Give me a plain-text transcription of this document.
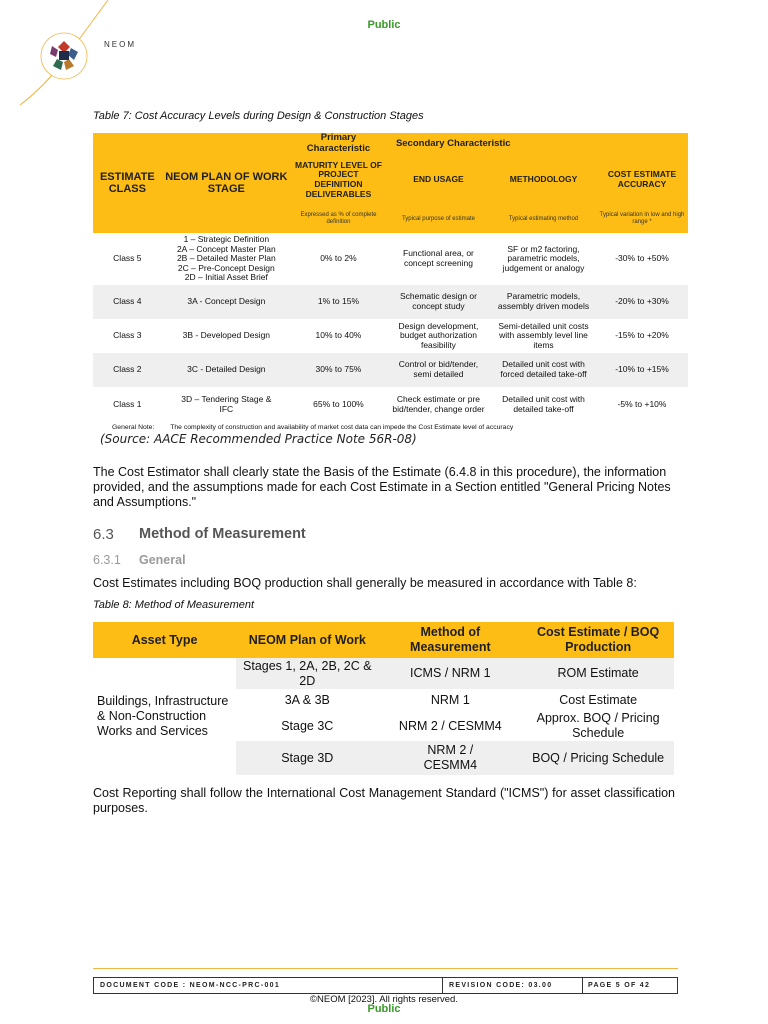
Public
NEOM
Table 7: Cost Accuracy Levels during Design & Construction Stages
ESTIMATE CLASS	NEOM PLAN OF WORK STAGE	Primary Characteristic	Secondary Characteristic		
		MATURITY LEVEL OF PROJECT DEFINITION DELIVERABLES	END USAGE	METHODOLOGY	COST ESTIMATE ACCURACY
		Expressed as % of complete definition	Typical purpose of estimate	Typical estimating method	Typical variation in low and high range *
Class 5	1 – Strategic Definition
2A – Concept Master Plan
2B – Detailed Master Plan
2C – Pre-Concept Design
2D – Initial Asset Brief	0% to 2%	Functional area, or concept screening	SF or m2 factoring, parametric models, judgement or analogy	-30% to +50%
Class 4	3A - Concept Design	1% to 15%	Schematic design or concept study	Parametric models, assembly driven models	-20% to +30%
Class 3	3B - Developed Design	10% to 40%	Design development, budget authorization feasibility	Semi-detailed unit costs with assembly level line items	-15% to +20%
Class 2	3C - Detailed Design	30% to 75%	Control or bid/tender, semi detailed	Detailed unit cost with forced detailed take-off	-10% to +15%
Class 1	3D – Tendering Stage &
IFC	65% to 100%	Check estimate or pre bid/tender, change order	Detailed unit cost with detailed take-off	-5% to +10%
General Note: The complexity of construction and availability of market cost data can impede the Cost Estimate level of accuracy
(Source: AACE Recommended Practice Note 56R-08)
The Cost Estimator shall clearly state the Basis of the Estimate (6.4.8 in this procedure), the information provided, and the assumptions made for each Cost Estimate in a Section entitled "General Pricing Notes and Assumptions."
6.3 Method of Measurement
6.3.1 General
Cost Estimates including BOQ production shall generally be measured in accordance with Table 8:
Table 8: Method of Measurement
Asset Type	NEOM Plan of Work	Method of Measurement	Cost Estimate / BOQ Production
Buildings, Infrastructure & Non-Construction Works and Services	Stages 1, 2A, 2B, 2C & 2D	ICMS / NRM 1	ROM Estimate
	3A & 3B	NRM 1	Cost Estimate
	Stage 3C	NRM 2 / CESMM4	Approx. BOQ / Pricing Schedule
	Stage 3D	NRM 2 / CESMM4	BOQ / Pricing Schedule
Cost Reporting shall follow the International Cost Management Standard ("ICMS") for asset classification purposes.
DOCUMENT CODE : NEOM-NCC-PRC-001	REVISION CODE: 03.00	PAGE 5 OF 42
©NEOM [2023]. All rights reserved.
Public
